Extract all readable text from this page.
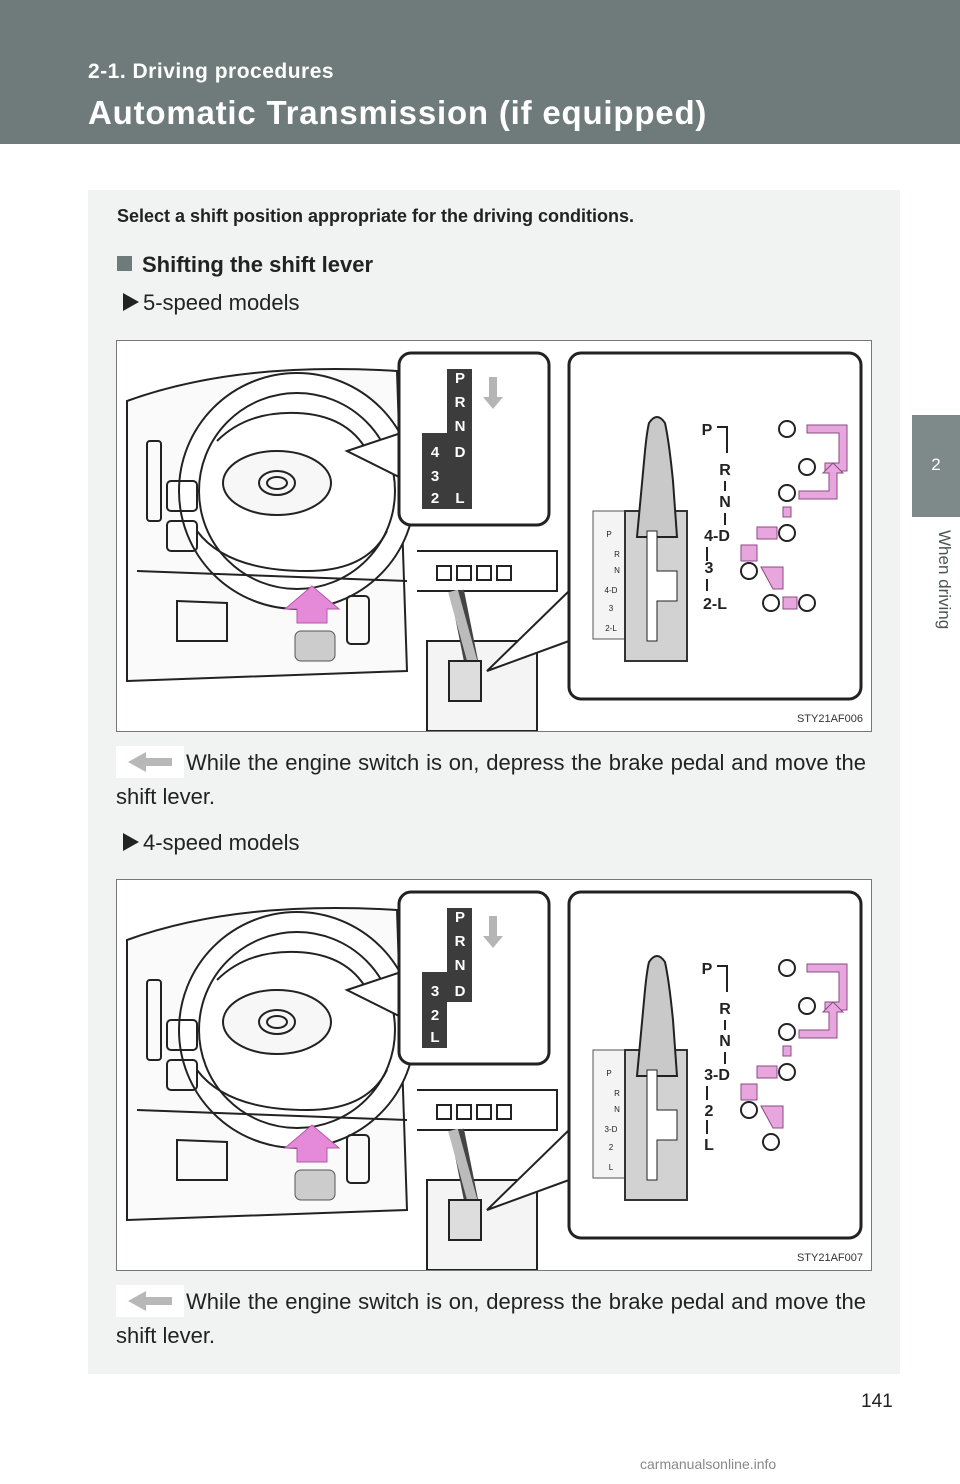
2-1. Driving procedures
Automatic Transmission (if equipped)
2
When driving
Select a shift position appropriate for the driving conditions.
Shifting the shift lever
5-speed models
P
R
N
D
L
4
3
2
P
R
N
4-D
3
2-L
P
R
N
4-D
3
2-L
STY21AF006
While the engine switch is on, depress the brake pedal and move the shift lever.
4-speed models
P
R
N
D
3
2
L
P
R
N
3-D
2
L
P
R
N
3-D
2
L
STY21AF007
While the engine switch is on, depress the brake pedal and move the shift lever.
141
carmanualsonline.info
